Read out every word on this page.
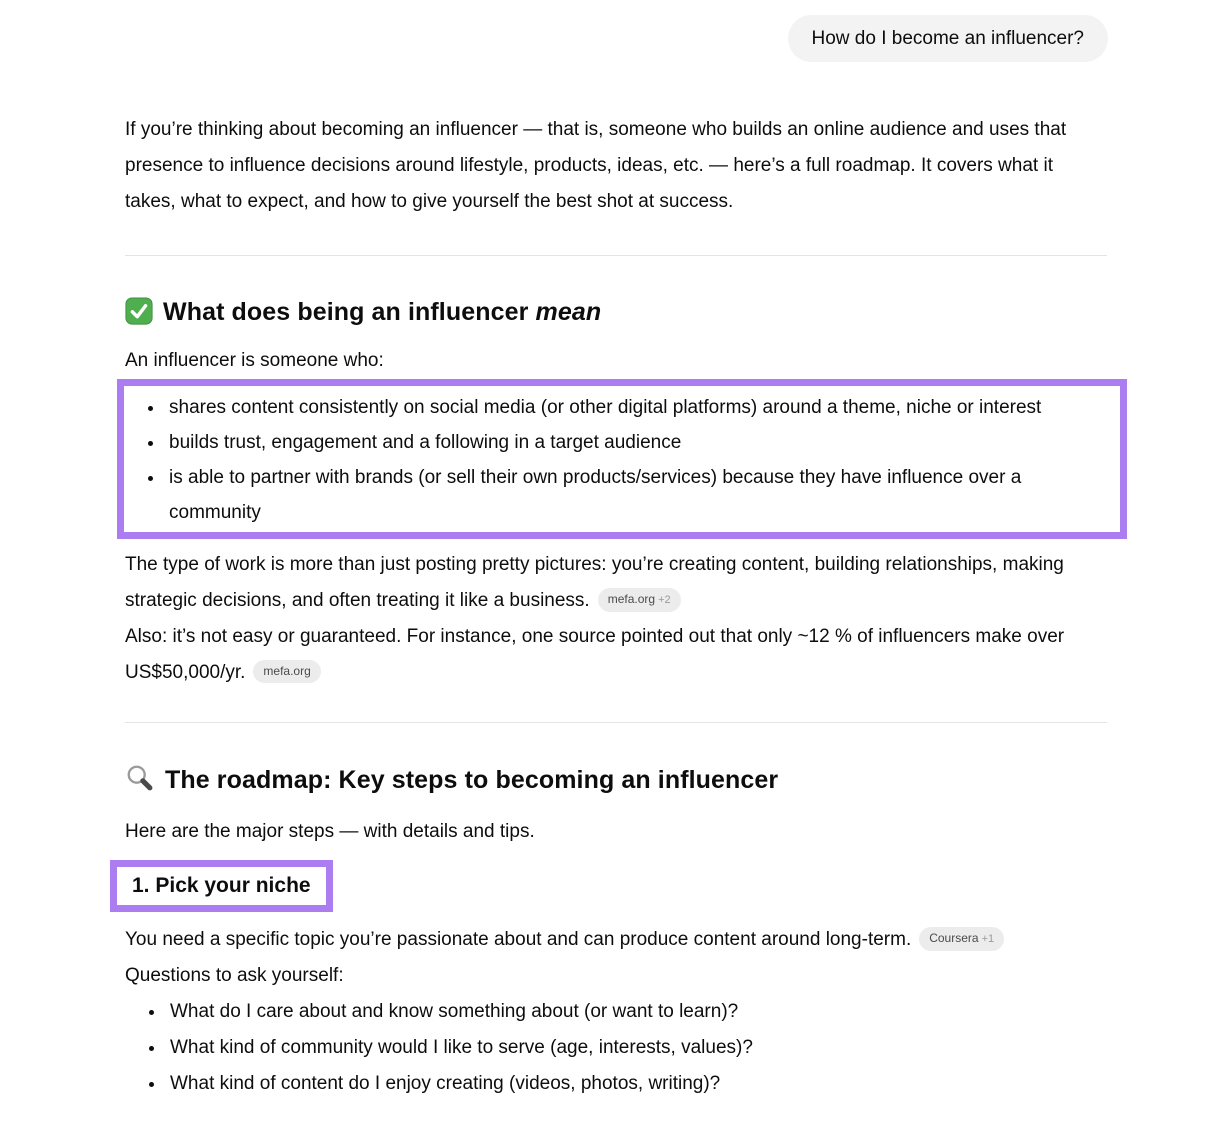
How do I become an influencer?

If you’re thinking about becoming an influencer — that is, someone who builds an online audience and uses that presence to influence decisions around lifestyle, products, ideas, etc. — here’s a full roadmap. It covers what it takes, what to expect, and how to give yourself the best shot at success.

What does being an influencer mean

An influencer is someone who:

• shares content consistently on social media (or other digital platforms) around a theme, niche or interest
• builds trust, engagement and a following in a target audience
• is able to partner with brands (or sell their own products/services) because they have influence over a community

The type of work is more than just posting pretty pictures: you’re creating content, building relationships, making strategic decisions, and often treating it like a business. mefa.org +2

Also: it’s not easy or guaranteed. For instance, one source pointed out that only ~12 % of influencers make over US$50,000/yr. mefa.org

The roadmap: Key steps to becoming an influencer

Here are the major steps — with details and tips.

1. Pick your niche

You need a specific topic you’re passionate about and can produce content around long-term. Coursera +1

Questions to ask yourself:

• What do I care about and know something about (or want to learn)?
• What kind of community would I like to serve (age, interests, values)?
• What kind of content do I enjoy creating (videos, photos, writing)?
